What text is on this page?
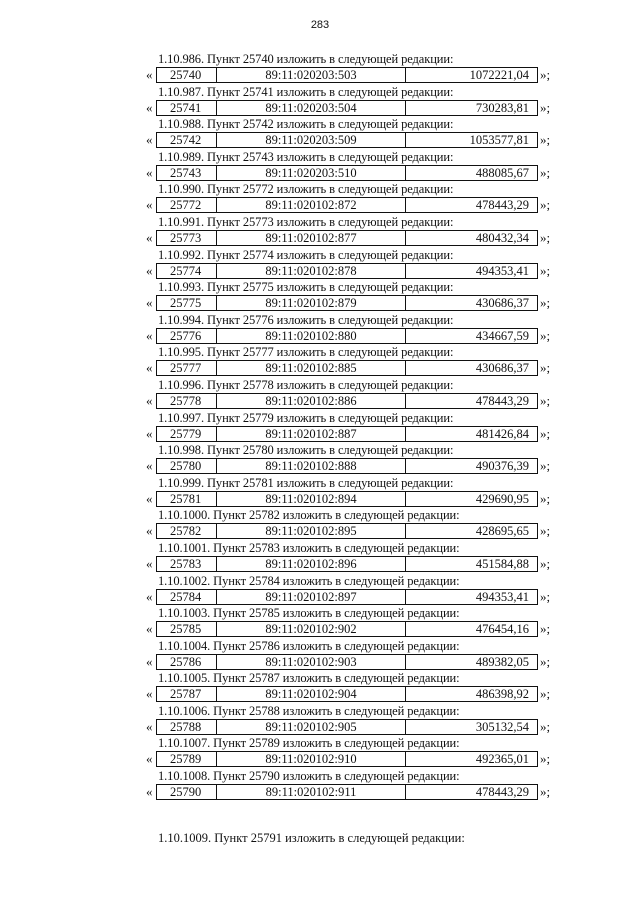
283
1.10.986. Пункт 25740 изложить в следующей редакции:
«	25740	89:11:020203:503	1072221,04 »;
1.10.987. Пункт 25741 изложить в следующей редакции:
«	25741	89:11:020203:504	730283,81 »;
1.10.988. Пункт 25742 изложить в следующей редакции:
«	25742	89:11:020203:509	1053577,81 »;
1.10.989. Пункт 25743 изложить в следующей редакции:
«	25743	89:11:020203:510	488085,67 »;
1.10.990. Пункт 25772 изложить в следующей редакции:
«	25772	89:11:020102:872	478443,29 »;
1.10.991. Пункт 25773 изложить в следующей редакции:
«	25773	89:11:020102:877	480432,34 »;
1.10.992. Пункт 25774 изложить в следующей редакции:
«	25774	89:11:020102:878	494353,41 »;
1.10.993. Пункт 25775 изложить в следующей редакции:
«	25775	89:11:020102:879	430686,37 »;
1.10.994. Пункт 25776 изложить в следующей редакции:
«	25776	89:11:020102:880	434667,59 »;
1.10.995. Пункт 25777 изложить в следующей редакции:
«	25777	89:11:020102:885	430686,37 »;
1.10.996. Пункт 25778 изложить в следующей редакции:
«	25778	89:11:020102:886	478443,29 »;
1.10.997. Пункт 25779 изложить в следующей редакции:
«	25779	89:11:020102:887	481426,84 »;
1.10.998. Пункт 25780 изложить в следующей редакции:
«	25780	89:11:020102:888	490376,39 »;
1.10.999. Пункт 25781 изложить в следующей редакции:
«	25781	89:11:020102:894	429690,95 »;
1.10.1000. Пункт 25782 изложить в следующей редакции:
«	25782	89:11:020102:895	428695,65 »;
1.10.1001. Пункт 25783 изложить в следующей редакции:
«	25783	89:11:020102:896	451584,88 »;
1.10.1002. Пункт 25784 изложить в следующей редакции:
«	25784	89:11:020102:897	494353,41 »;
1.10.1003. Пункт 25785 изложить в следующей редакции:
«	25785	89:11:020102:902	476454,16 »;
1.10.1004. Пункт 25786 изложить в следующей редакции:
«	25786	89:11:020102:903	489382,05 »;
1.10.1005. Пункт 25787 изложить в следующей редакции:
«	25787	89:11:020102:904	486398,92 »;
1.10.1006. Пункт 25788 изложить в следующей редакции:
«	25788	89:11:020102:905	305132,54 »;
1.10.1007. Пункт 25789 изложить в следующей редакции:
«	25789	89:11:020102:910	492365,01 »;
1.10.1008. Пункт 25790 изложить в следующей редакции:
«	25790	89:11:020102:911	478443,29 »;
1.10.1009. Пункт 25791 изложить в следующей редакции:
